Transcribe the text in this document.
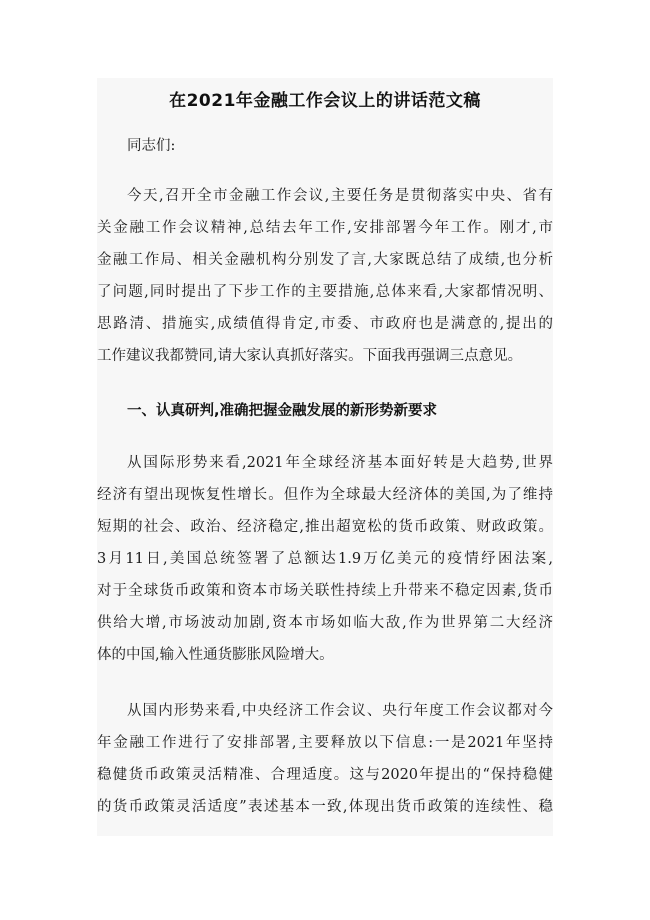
在2021年金融工作会议上的讲话范文稿
同志们:
今天,召开全市金融工作会议,主要任务是贯彻落实中央、省有
关金融工作会议精神,总结去年工作,安排部署今年工作。刚才,市
金融工作局、相关金融机构分别发了言,大家既总结了成绩,也分析
了问题,同时提出了下步工作的主要措施,总体来看,大家都情况明、
思路清、措施实,成绩值得肯定,市委、市政府也是满意的,提出的
工作建议我都赞同,请大家认真抓好落实。下面我再强调三点意见。
一、认真研判,准确把握金融发展的新形势新要求
从国际形势来看,2021年全球经济基本面好转是大趋势,世界
经济有望出现恢复性增长。但作为全球最大经济体的美国,为了维持
短期的社会、政治、经济稳定,推出超宽松的货币政策、财政政策。
3月11日,美国总统签署了总额达1.9万亿美元的疫情纾困法案,
对于全球货币政策和资本市场关联性持续上升带来不稳定因素,货币
供给大增,市场波动加剧,资本市场如临大敌,作为世界第二大经济
体的中国,输入性通货膨胀风险增大。
从国内形势来看,中央经济工作会议、央行年度工作会议都对今
年金融工作进行了安排部署,主要释放以下信息:一是2021年坚持
稳健货币政策灵活精准、合理适度。这与2020年提出的“保持稳健
的货币政策灵活适度”表述基本一致,体现出货币政策的连续性、稳
